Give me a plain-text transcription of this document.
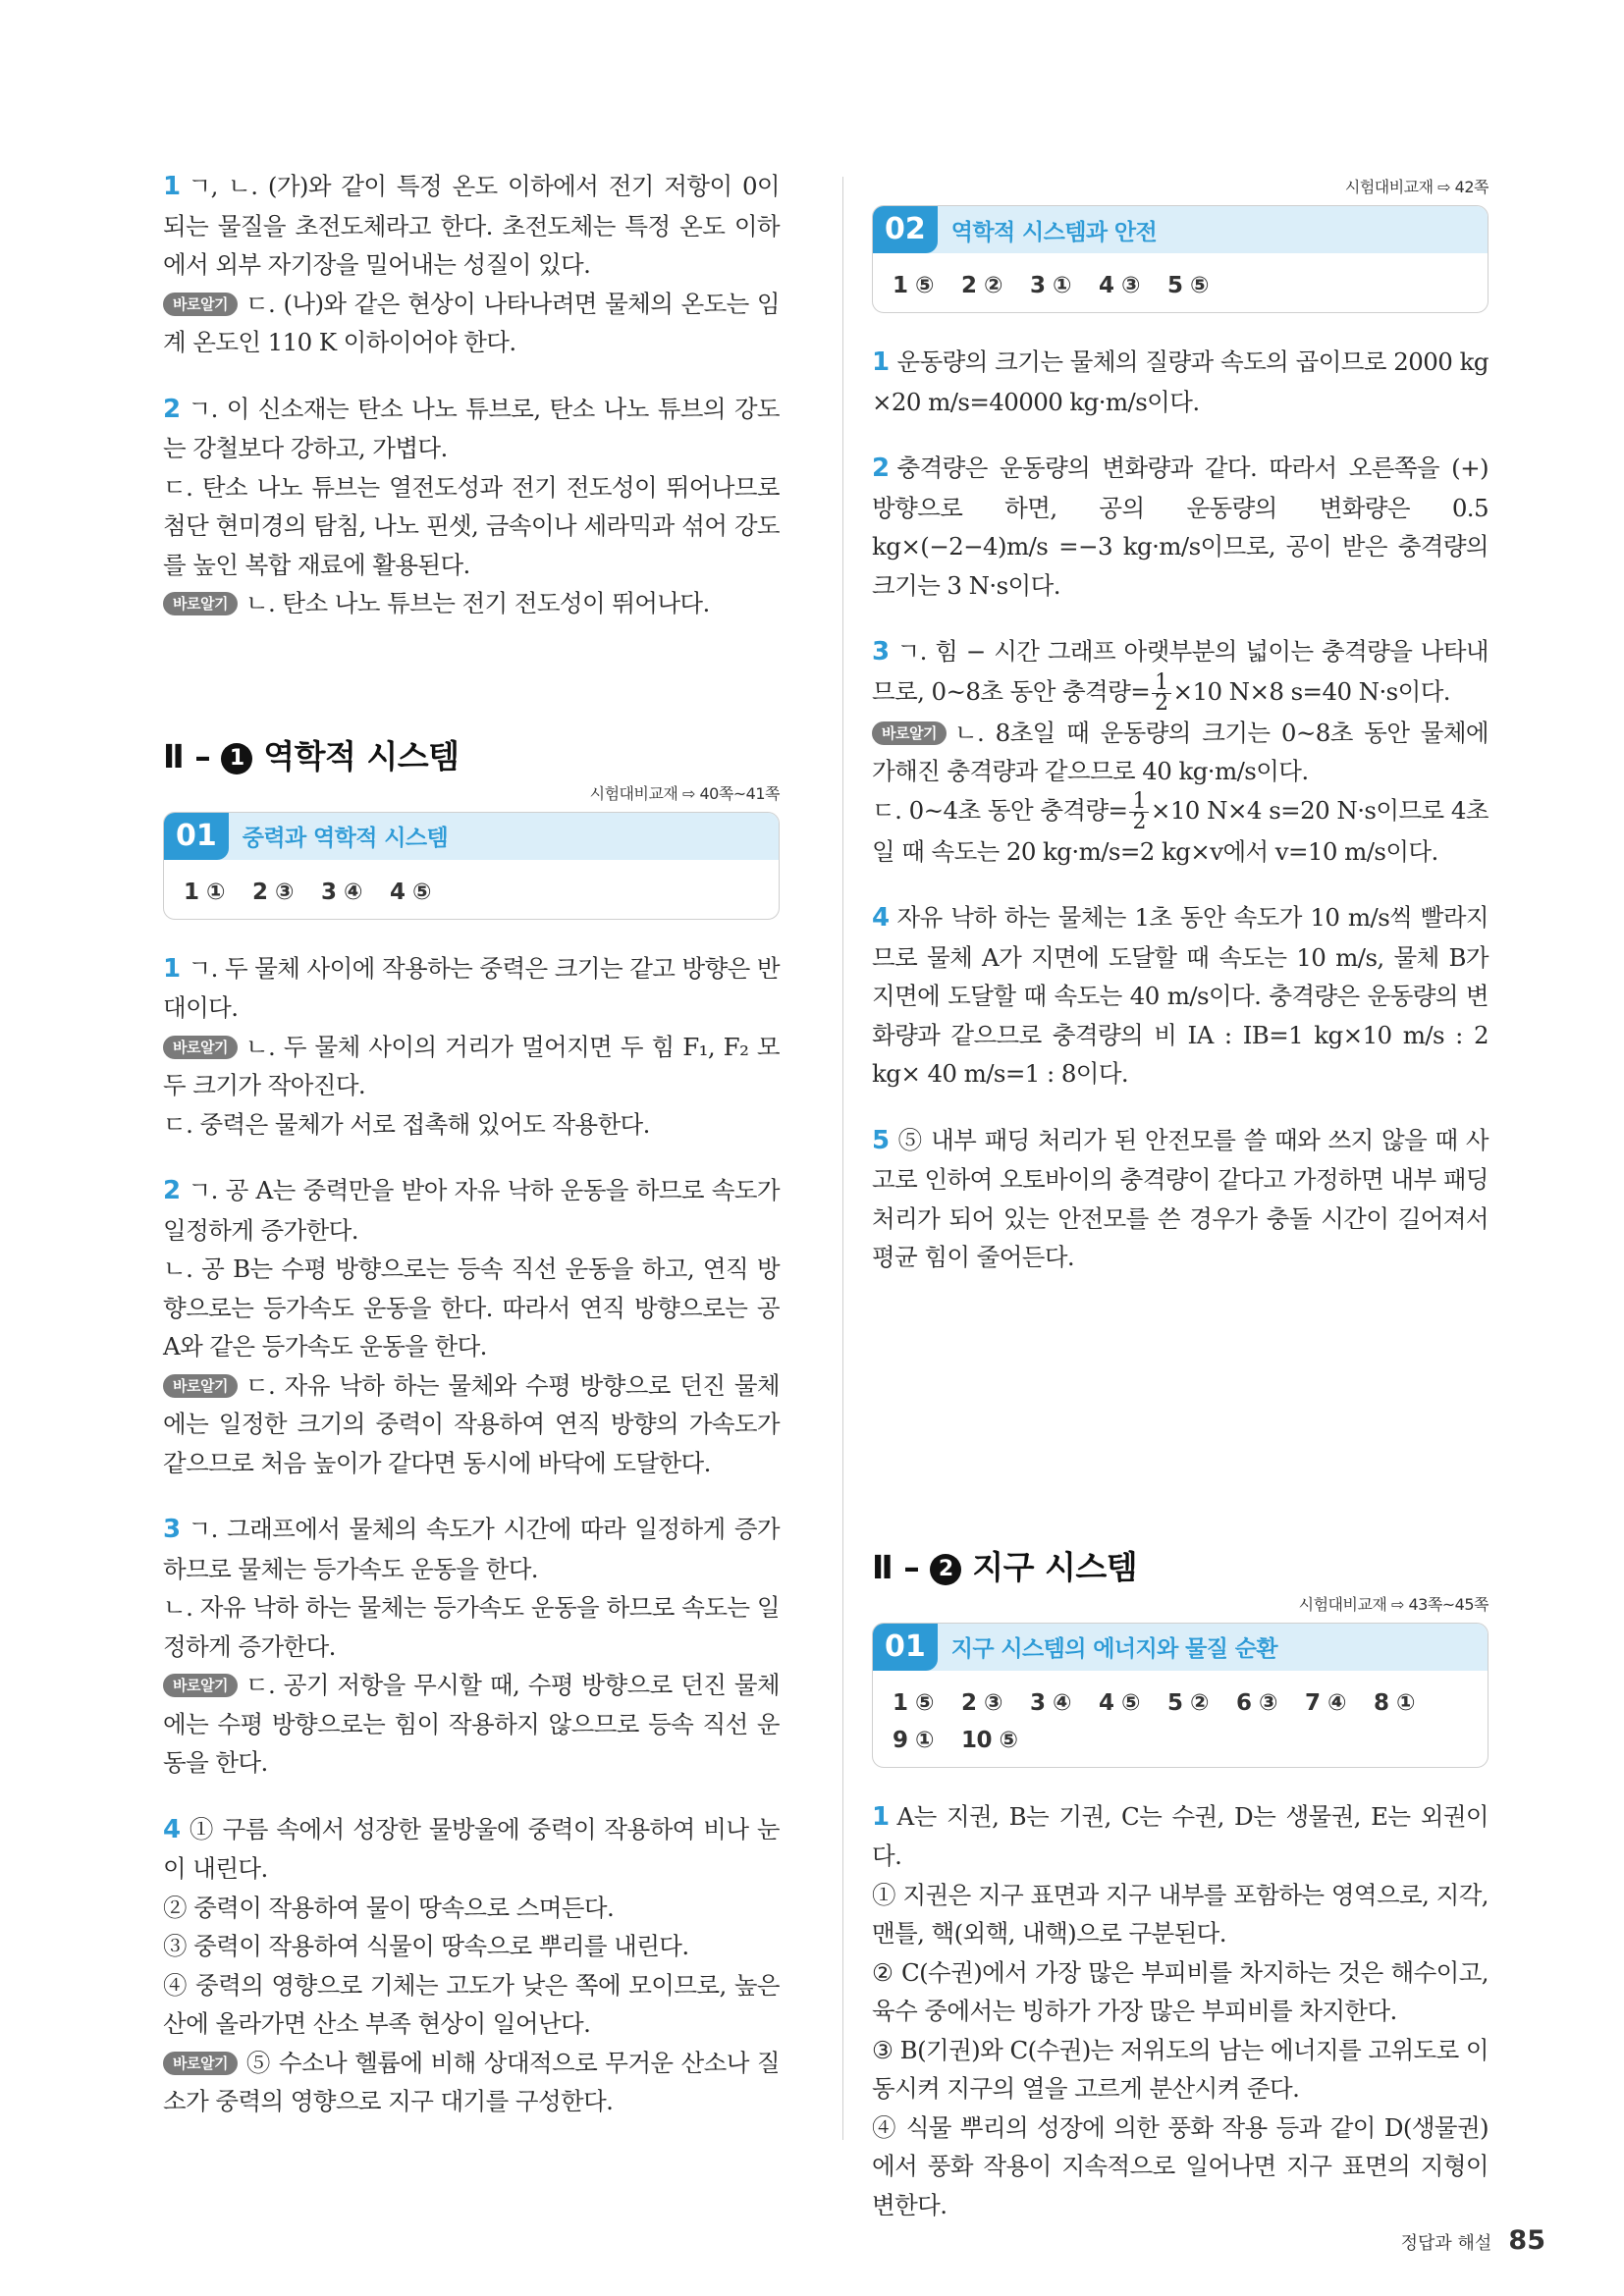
1 ㄱ, ㄴ. (가)와 같이 특정 온도 이하에서 전기 저항이 0이 되는 물질을 초전도체라고 한다. 초전도체는 특정 온도 이하에서 외부 자기장을 밀어내는 성질이 있다.

바로알기 ㄷ. (나)와 같은 현상이 나타나려면 물체의 온도는 임계 온도인 110 K 이하이어야 한다.

2 ㄱ. 이 신소재는 탄소 나노 튜브로, 탄소 나노 튜브의 강도는 강철보다 강하고, 가볍다.

ㄷ. 탄소 나노 튜브는 열전도성과 전기 전도성이 뛰어나므로 첨단 현미경의 탐침, 나노 핀셋, 금속이나 세라믹과 섞어 강도를 높인 복합 재료에 활용된다.

바로알기 ㄴ. 탄소 나노 튜브는 전기 전도성이 뛰어나다.

Ⅱ – 1 역학적 시스템
시험대비교재 ⇨ 40쪽~41쪽
01	중력과 역학적 시스템
1 ① 2 ③ 3 ④ 4 ⑤

1 ㄱ. 두 물체 사이에 작용하는 중력은 크기는 같고 방향은 반대이다.

바로알기 ㄴ. 두 물체 사이의 거리가 멀어지면 두 힘 F₁, F₂ 모두 크기가 작아진다.

ㄷ. 중력은 물체가 서로 접촉해 있어도 작용한다.

2 ㄱ. 공 A는 중력만을 받아 자유 낙하 운동을 하므로 속도가 일정하게 증가한다.

ㄴ. 공 B는 수평 방향으로는 등속 직선 운동을 하고, 연직 방향으로는 등가속도 운동을 한다. 따라서 연직 방향으로는 공 A와 같은 등가속도 운동을 한다.

바로알기 ㄷ. 자유 낙하 하는 물체와 수평 방향으로 던진 물체에는 일정한 크기의 중력이 작용하여 연직 방향의 가속도가 같으므로 처음 높이가 같다면 동시에 바닥에 도달한다.

3 ㄱ. 그래프에서 물체의 속도가 시간에 따라 일정하게 증가하므로 물체는 등가속도 운동을 한다.

ㄴ. 자유 낙하 하는 물체는 등가속도 운동을 하므로 속도는 일정하게 증가한다.

바로알기 ㄷ. 공기 저항을 무시할 때, 수평 방향으로 던진 물체에는 수평 방향으로는 힘이 작용하지 않으므로 등속 직선 운동을 한다.

4 ① 구름 속에서 성장한 물방울에 중력이 작용하여 비나 눈이 내린다.

② 중력이 작용하여 물이 땅속으로 스며든다.

③ 중력이 작용하여 식물이 땅속으로 뿌리를 내린다.

④ 중력의 영향으로 기체는 고도가 낮은 쪽에 모이므로, 높은 산에 올라가면 산소 부족 현상이 일어난다.

바로알기 ⑤ 수소나 헬륨에 비해 상대적으로 무거운 산소나 질소가 중력의 영향으로 지구 대기를 구성한다.

시험대비교재 ⇨ 42쪽
02	역학적 시스템과 안전
1 ⑤ 2 ② 3 ① 4 ③ 5 ⑤

1 운동량의 크기는 물체의 질량과 속도의 곱이므로 2000 kg ×20 m/s=40000 kg·m/s이다.

2 충격량은 운동량의 변화량과 같다. 따라서 오른쪽을 (+) 방향으로 하면, 공의 운동량의 변화량은 0.5 kg×(−2−4)m/s =−3 kg·m/s이므로, 공이 받은 충격량의 크기는 3 N·s이다.

3 ㄱ. 힘 − 시간 그래프 아랫부분의 넓이는 충격량을 나타내므로, 0~8초 동안 충격량= $\frac{1}{2} \times 10$ N×8 s=40 N·s이다.

바로알기 ㄴ. 8초일 때 운동량의 크기는 0~8초 동안 물체에 가해진 충격량과 같으므로 40 kg·m/s이다.

ㄷ. 0~4초 동안 충격량= $\frac{1}{2} \times 10$ N×4 s=20 N·s이므로 4초일 때 속도는 20 kg·m/s=2 kg×v에서 v=10 m/s이다.

4 자유 낙하 하는 물체는 1초 동안 속도가 10 m/s씩 빨라지므로 물체 A가 지면에 도달할 때 속도는 10 m/s, 물체 B가 지면에 도달할 때 속도는 40 m/s이다. 충격량은 운동량의 변화량과 같으므로 충격량의 비 IA : IB=1 kg×10 m/s : 2 kg× 40 m/s=1 : 8이다.

5 ⑤ 내부 패딩 처리가 된 안전모를 쓸 때와 쓰지 않을 때 사고로 인하여 오토바이의 충격량이 같다고 가정하면 내부 패딩 처리가 되어 있는 안전모를 쓴 경우가 충돌 시간이 길어져서 평균 힘이 줄어든다.

Ⅱ – 2 지구 시스템
시험대비교재 ⇨ 43쪽~45쪽
01	지구 시스템의 에너지와 물질 순환
1 ⑤ 2 ③ 3 ④ 4 ⑤ 5 ② 6 ③ 7 ④ 8 ①
9 ① 10 ⑤

1 A는 지권, B는 기권, C는 수권, D는 생물권, E는 외권이다.

① 지권은 지구 표면과 지구 내부를 포함하는 영역으로, 지각, 맨틀, 핵(외핵, 내핵)으로 구분된다.

② C(수권)에서 가장 많은 부피비를 차지하는 것은 해수이고, 육수 중에서는 빙하가 가장 많은 부피비를 차지한다.

③ B(기권)와 C(수권)는 저위도의 남는 에너지를 고위도로 이동시켜 지구의 열을 고르게 분산시켜 준다.

④ 식물 뿌리의 성장에 의한 풍화 작용 등과 같이 D(생물권)에서 풍화 작용이 지속적으로 일어나면 지구 표면의 지형이 변한다.

정답과 해설 85
